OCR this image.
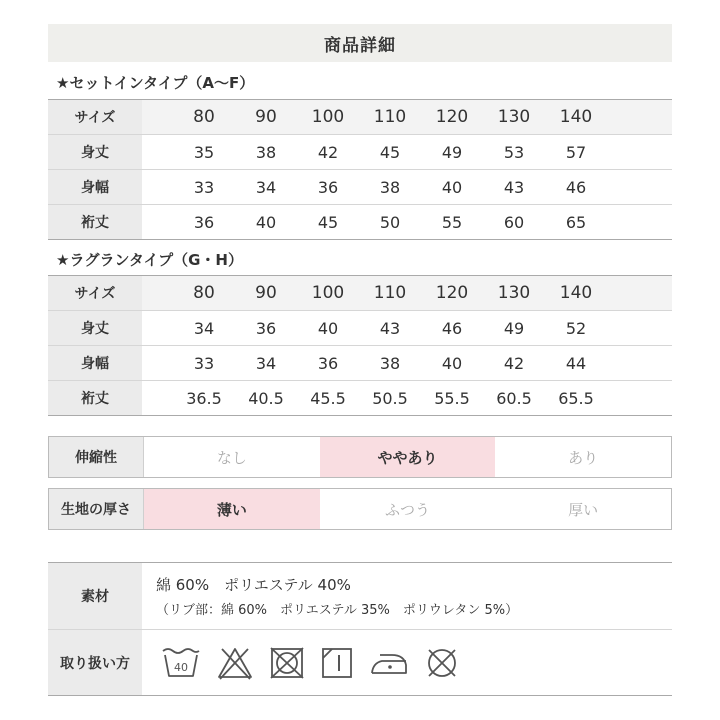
商品詳細
★セットインタイプ（A～F）
サイズ	80	90	100	110	120	130	140
身丈	35	38	42	45	49	53	57
身幅	33	34	36	38	40	43	46
裄丈	36	40	45	50	55	60	65
★ラグランタイプ（G・H）
サイズ	80	90	100	110	120	130	140
身丈	34	36	40	43	46	49	52
身幅	33	34	36	38	40	42	44
裄丈	36.5	40.5	45.5	50.5	55.5	60.5	65.5
伸縮性	なし	ややあり	あり
生地の厚さ	薄い	ふつう	厚い
素材
綿 60%　ポリエステル 40%
（リブ部：綿 60%　ポリエステル 35%　ポリウレタン 5%）
取り扱い方	40
